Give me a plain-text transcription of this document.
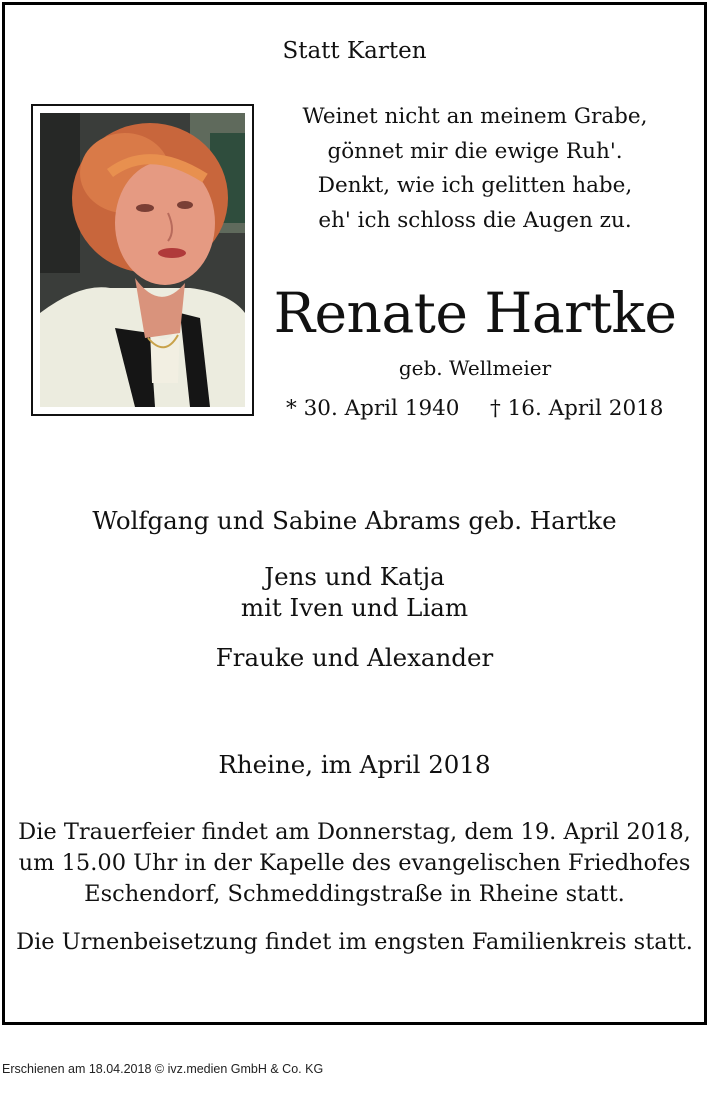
Statt Karten
Weinet nicht an meinem Grabe,
gönnet mir die ewige Ruh'.
Denkt, wie ich gelitten habe,
eh' ich schloss die Augen zu.
Renate Hartke
geb. Wellmeier
* 30. April 1940 † 16. April 2018
Wolfgang und Sabine Abrams geb. Hartke
Jens und Katja
mit Iven und Liam
Frauke und Alexander
Rheine, im April 2018
Die Trauerfeier findet am Donnerstag, dem 19. April 2018,
um 15.00 Uhr in der Kapelle des evangelischen Friedhofes
Eschendorf, Schmeddingstraße in Rheine statt.
Die Urnenbeisetzung findet im engsten Familienkreis statt.
Erschienen am 18.04.2018 © ivz.medien GmbH & Co. KG
